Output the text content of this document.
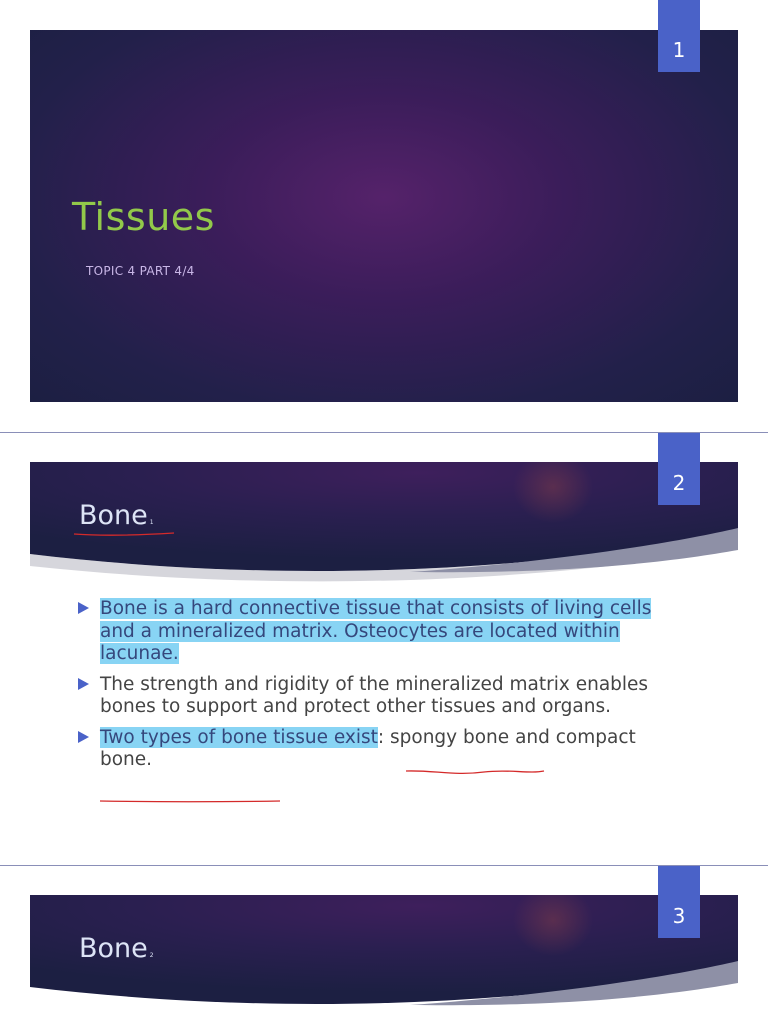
1
Tissues
TOPIC 4 PART 4/4
2
Bone 1
Bone is a hard connective tissue that consists of living cells and a mineralized matrix. Osteocytes are located within lacunae.
The strength and rigidity of the mineralized matrix enables bones to support and protect other tissues and organs.
Two types of bone tissue exist: spongy bone and compact bone.
3
Bone 2
